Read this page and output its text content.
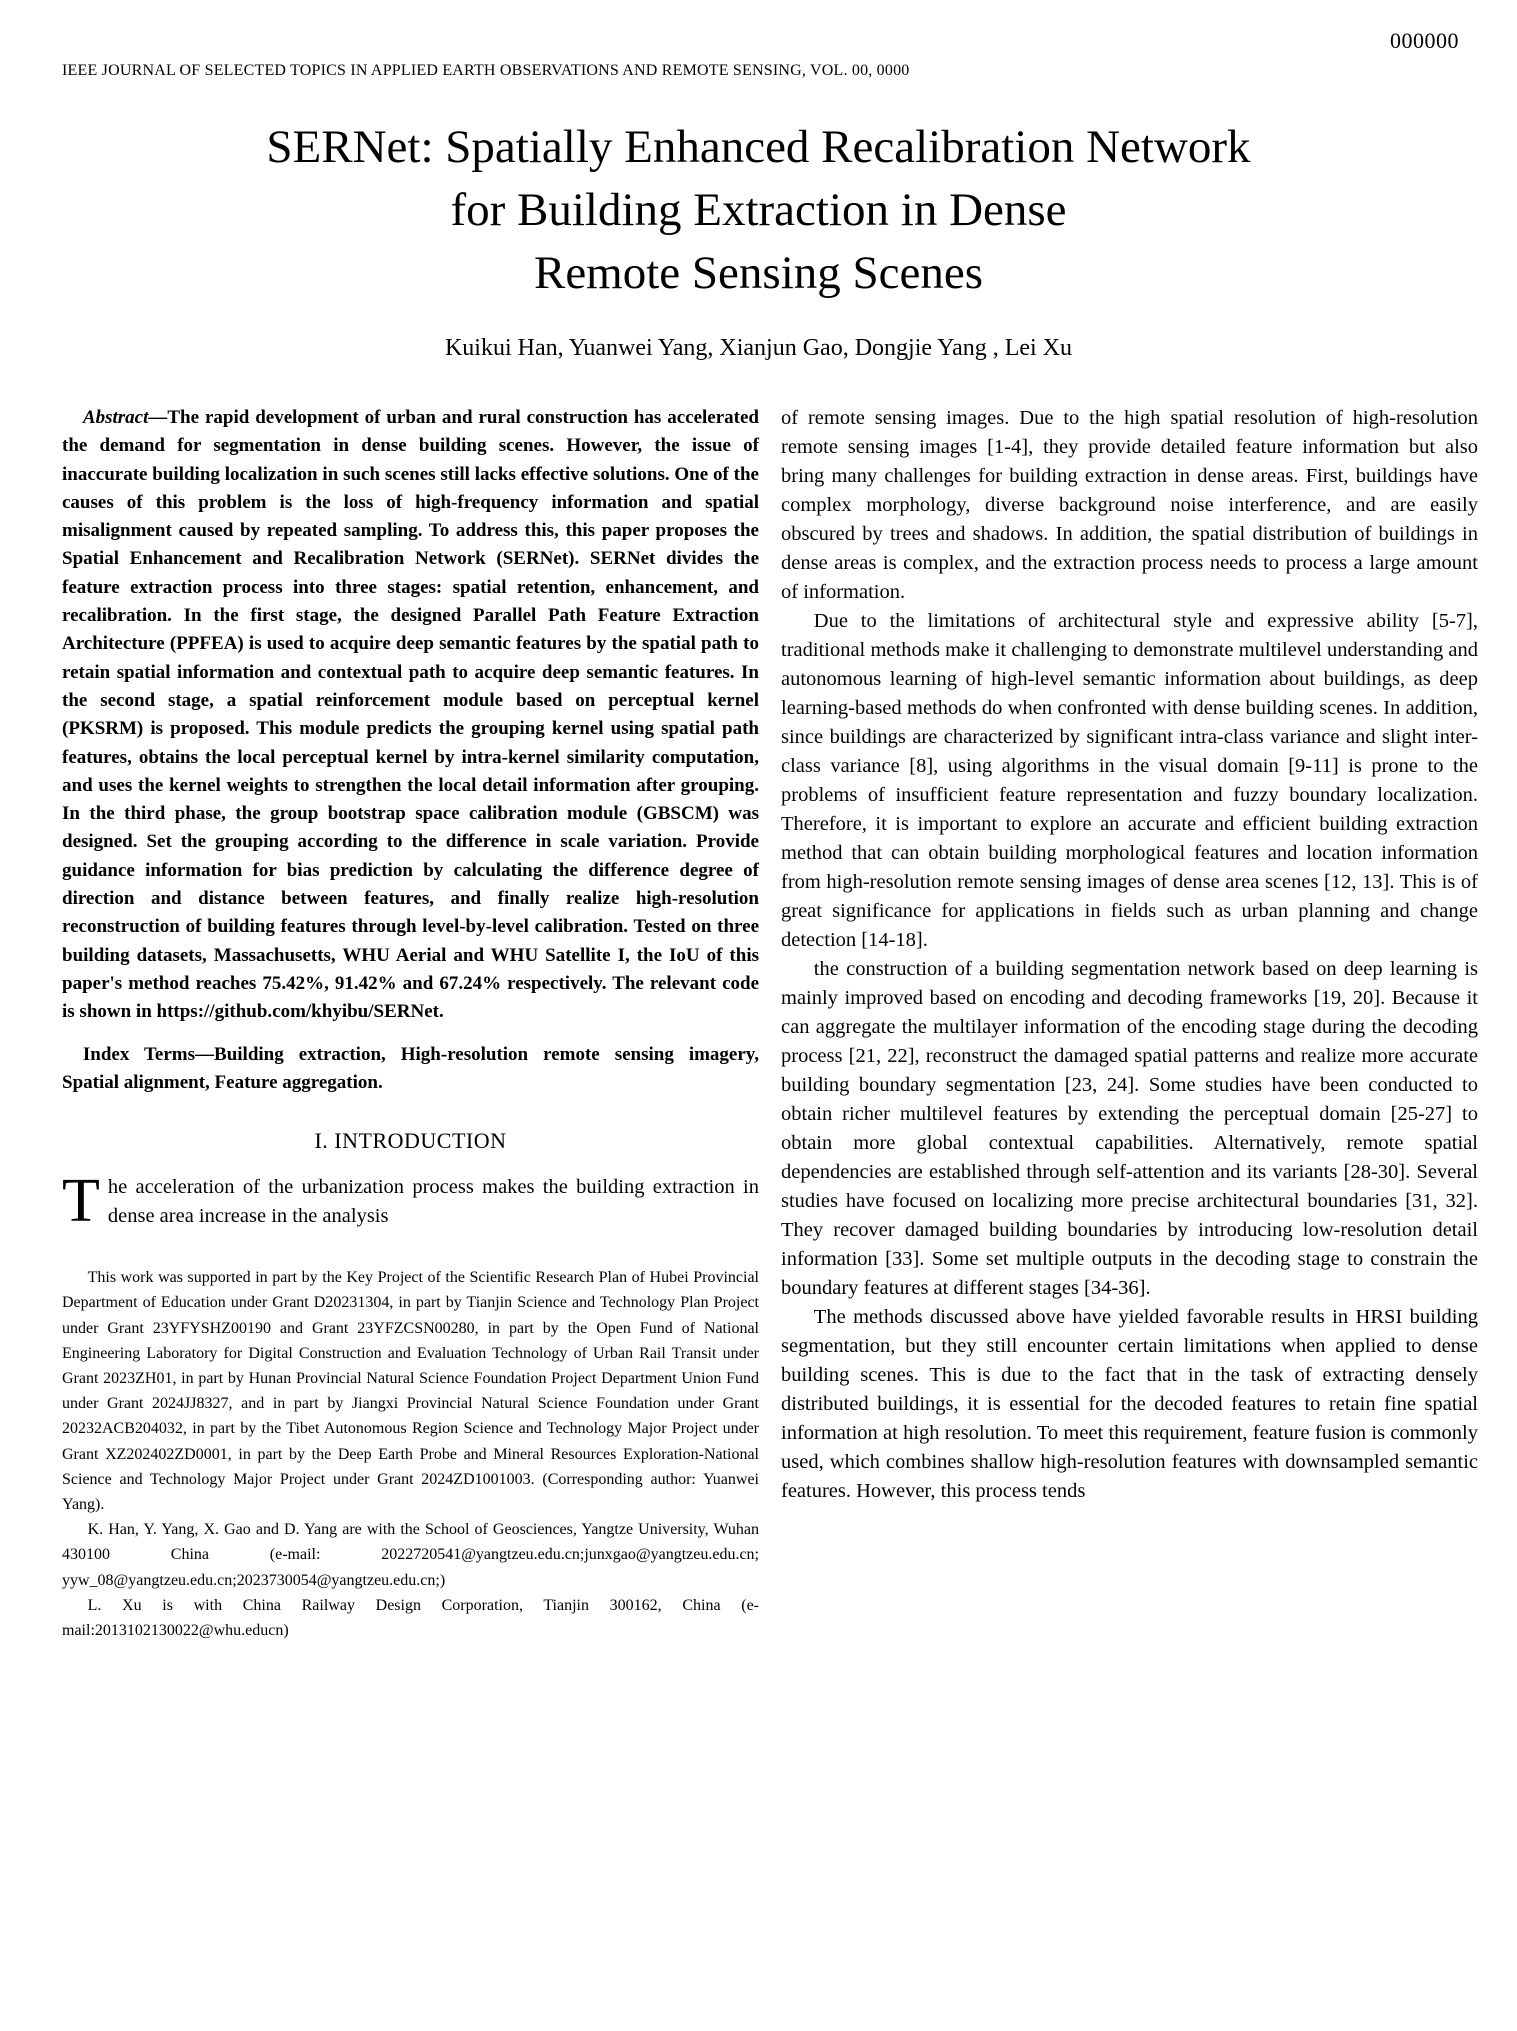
000000
IEEE JOURNAL OF SELECTED TOPICS IN APPLIED EARTH OBSERVATIONS AND REMOTE SENSING, VOL. 00, 0000
SERNet: Spatially Enhanced Recalibration Network
for Building Extraction in Dense
Remote Sensing Scenes
Kuikui Han, Yuanwei Yang, Xianjun Gao, Dongjie Yang , Lei Xu

Abstract—The rapid development of urban and rural construction has accelerated the demand for segmentation in dense building scenes. However, the issue of inaccurate building localization in such scenes still lacks effective solutions. One of the causes of this problem is the loss of high-frequency information and spatial misalignment caused by repeated sampling. To address this, this paper proposes the Spatial Enhancement and Recalibration Network (SERNet). SERNet divides the feature extraction process into three stages: spatial retention, enhancement, and recalibration. In the first stage, the designed Parallel Path Feature Extraction Architecture (PPFEA) is used to acquire deep semantic features by the spatial path to retain spatial information and contextual path to acquire deep semantic features. In the second stage, a spatial reinforcement module based on perceptual kernel (PKSRM) is proposed. This module predicts the grouping kernel using spatial path features, obtains the local perceptual kernel by intra-kernel similarity computation, and uses the kernel weights to strengthen the local detail information after grouping. In the third phase, the group bootstrap space calibration module (GBSCM) was designed. Set the grouping according to the difference in scale variation. Provide guidance information for bias prediction by calculating the difference degree of direction and distance between features, and finally realize high-resolution reconstruction of building features through level-by-level calibration. Tested on three building datasets, Massachusetts, WHU Aerial and WHU Satellite I, the IoU of this paper's method reaches 75.42%, 91.42% and 67.24% respectively. The relevant code is shown in https://github.com/khyibu/SERNet.

Index Terms—Building extraction, High-resolution remote sensing imagery, Spatial alignment, Feature aggregation.

I. INTRODUCTION

The acceleration of the urbanization process makes the building extraction in dense area increase in the analysis

This work was supported in part by the Key Project of the Scientific Research Plan of Hubei Provincial Department of Education under Grant D20231304, in part by Tianjin Science and Technology Plan Project under Grant 23YFYSHZ00190 and Grant 23YFZCSN00280, in part by the Open Fund of National Engineering Laboratory for Digital Construction and Evaluation Technology of Urban Rail Transit under Grant 2023ZH01, in part by Hunan Provincial Natural Science Foundation Project Department Union Fund under Grant 2024JJ8327, and in part by Jiangxi Provincial Natural Science Foundation under Grant 20232ACB204032, in part by the Tibet Autonomous Region Science and Technology Major Project under Grant XZ202402ZD0001, in part by the Deep Earth Probe and Mineral Resources Exploration-National Science and Technology Major Project under Grant 2024ZD1001003. (Corresponding author: Yuanwei Yang).

K. Han, Y. Yang, X. Gao and D. Yang are with the School of Geosciences, Yangtze University, Wuhan 430100 China (e-mail: 2022720541@yangtzeu.edu.cn;junxgao@yangtzeu.edu.cn; yyw_08@yangtzeu.edu.cn;2023730054@yangtzeu.edu.cn;)

L. Xu is with China Railway Design Corporation, Tianjin 300162, China (e-mail:2013102130022@whu.educn)

of remote sensing images. Due to the high spatial resolution of high-resolution remote sensing images [1-4], they provide detailed feature information but also bring many challenges for building extraction in dense areas. First, buildings have complex morphology, diverse background noise interference, and are easily obscured by trees and shadows. In addition, the spatial distribution of buildings in dense areas is complex, and the extraction process needs to process a large amount of information.

Due to the limitations of architectural style and expressive ability [5-7], traditional methods make it challenging to demonstrate multilevel understanding and autonomous learning of high-level semantic information about buildings, as deep learning-based methods do when confronted with dense building scenes. In addition, since buildings are characterized by significant intra-class variance and slight inter-class variance [8], using algorithms in the visual domain [9-11] is prone to the problems of insufficient feature representation and fuzzy boundary localization. Therefore, it is important to explore an accurate and efficient building extraction method that can obtain building morphological features and location information from high-resolution remote sensing images of dense area scenes [12, 13]. This is of great significance for applications in fields such as urban planning and change detection [14-18].

the construction of a building segmentation network based on deep learning is mainly improved based on encoding and decoding frameworks [19, 20]. Because it can aggregate the multilayer information of the encoding stage during the decoding process [21, 22], reconstruct the damaged spatial patterns and realize more accurate building boundary segmentation [23, 24]. Some studies have been conducted to obtain richer multilevel features by extending the perceptual domain [25-27] to obtain more global contextual capabilities. Alternatively, remote spatial dependencies are established through self-attention and its variants [28-30]. Several studies have focused on localizing more precise architectural boundaries [31, 32]. They recover damaged building boundaries by introducing low-resolution detail information [33]. Some set multiple outputs in the decoding stage to constrain the boundary features at different stages [34-36].

The methods discussed above have yielded favorable results in HRSI building segmentation, but they still encounter certain limitations when applied to dense building scenes. This is due to the fact that in the task of extracting densely distributed buildings, it is essential for the decoded features to retain fine spatial information at high resolution. To meet this requirement, feature fusion is commonly used, which combines shallow high-resolution features with downsampled semantic features. However, this process tends
